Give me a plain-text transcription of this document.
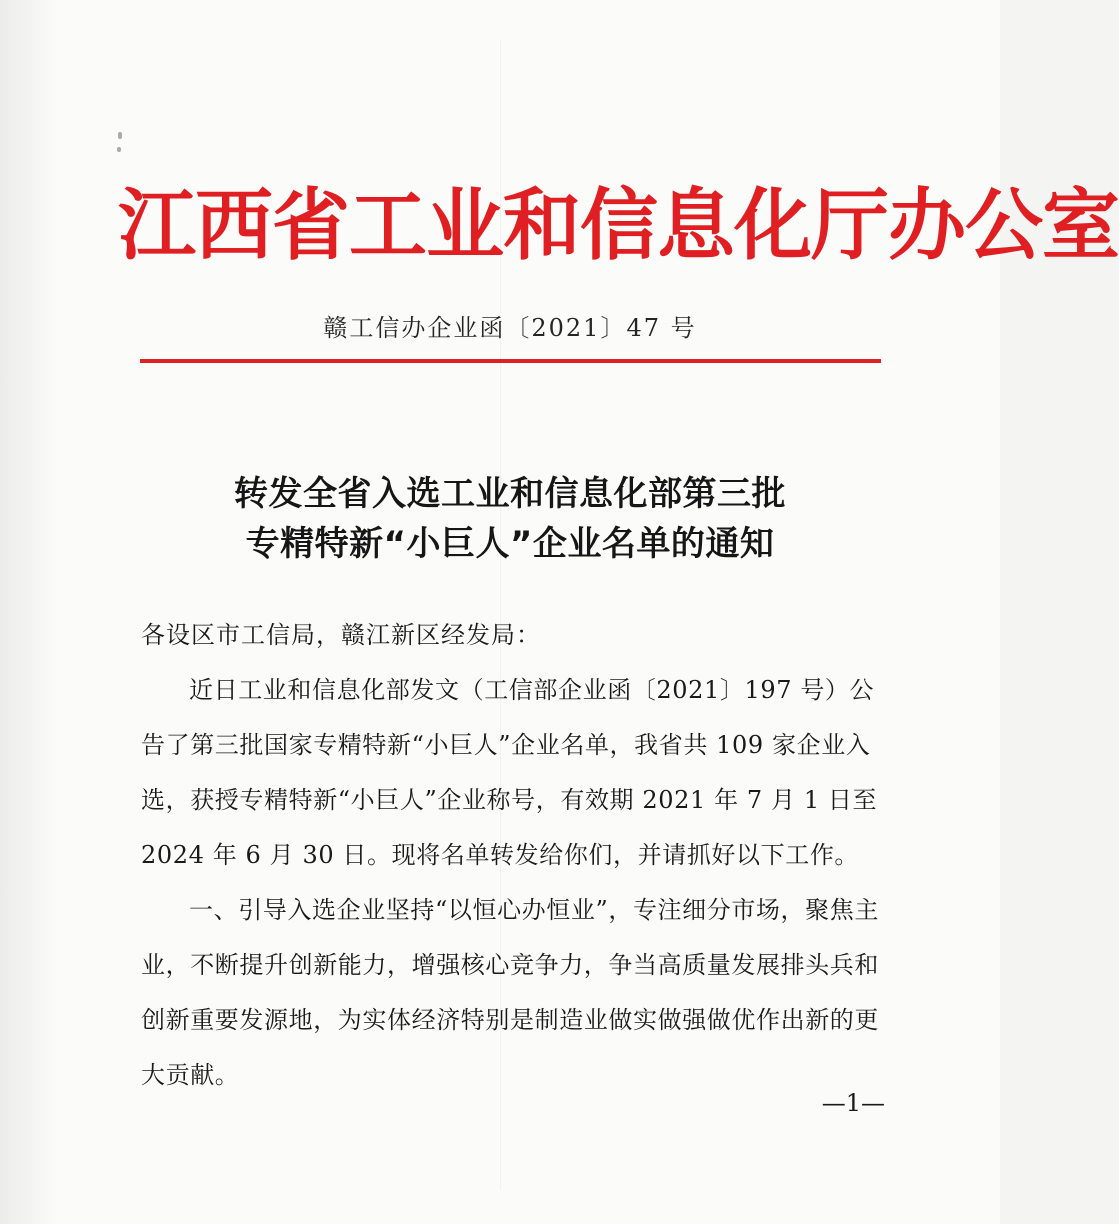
江西省工业和信息化厅办公室
赣工信办企业函〔2021〕47 号
转发全省入选工业和信息化部第三批
专精特新“小巨人”企业名单的通知

各设区市工信局，赣江新区经发局：

近日工业和信息化部发文（工信部企业函〔2021〕197 号）公告了第三批国家专精特新“小巨人”企业名单，我省共 109 家企业入选，获授专精特新“小巨人”企业称号，有效期 2021 年 7 月 1 日至 2024 年 6 月 30 日。现将名单转发给你们，并请抓好以下工作。

一、引导入选企业坚持“以恒心办恒业”，专注细分市场，聚焦主业，不断提升创新能力，增强核心竞争力，争当高质量发展排头兵和创新重要发源地，为实体经济特别是制造业做实做强做优作出新的更大贡献。

—1—
